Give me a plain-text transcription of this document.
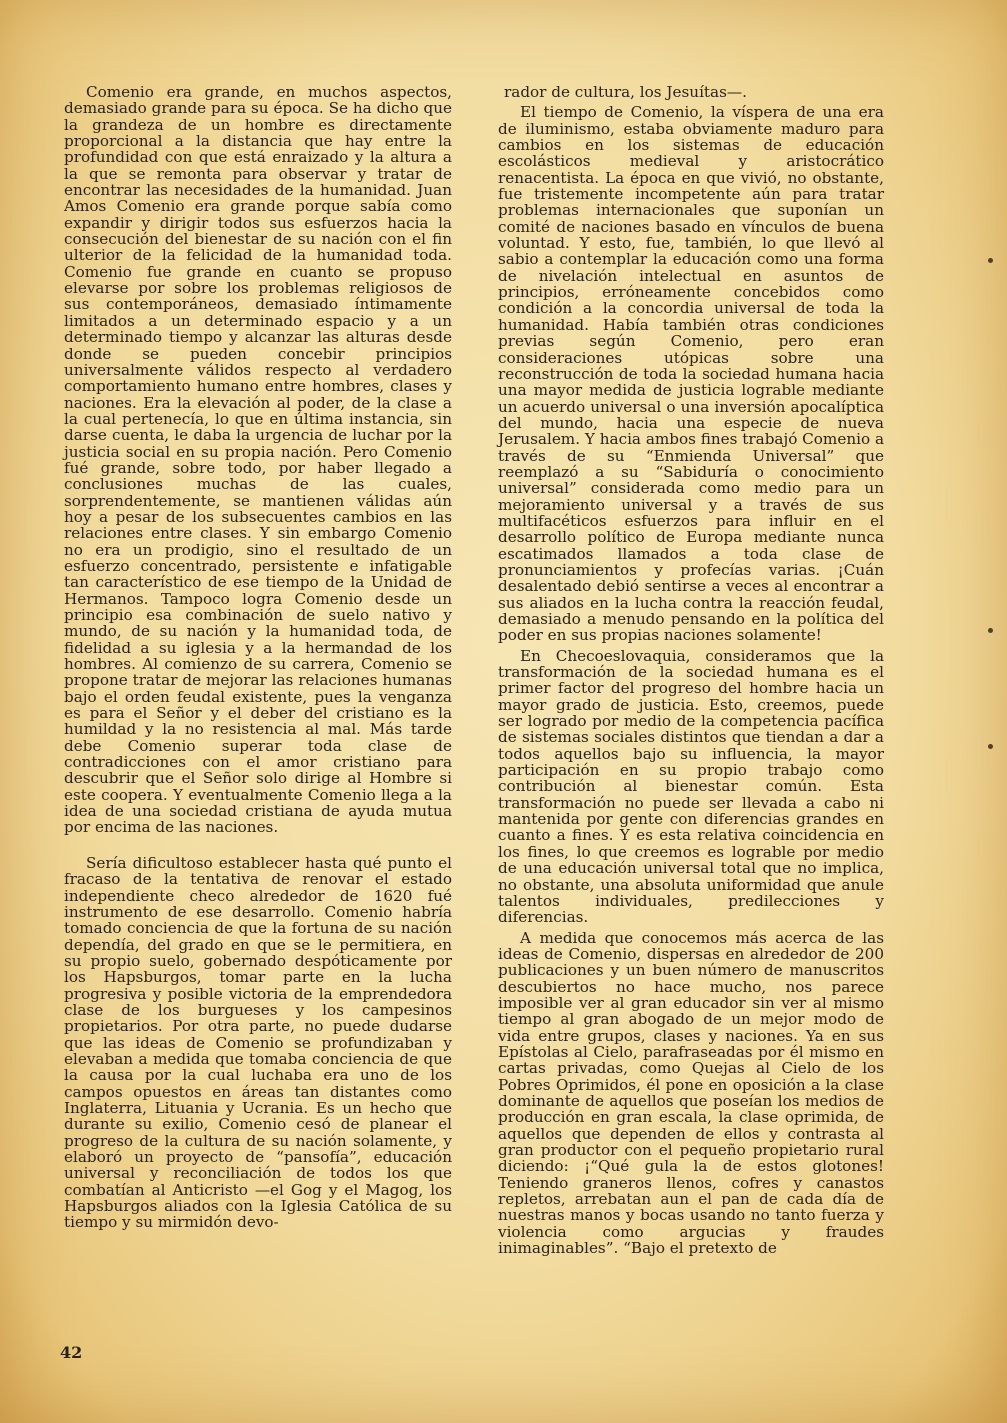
Comenio era grande, en muchos aspectos, demasiado grande para su época. Se ha dicho que la grandeza de un hombre es directamente proporcional a la distancia que hay entre la profundidad con que está enraizado y la altura a la que se remonta para observar y tratar de encontrar las necesidades de la humanidad. Juan Amos Comenio era grande porque sabía como expandir y dirigir todos sus esfuerzos hacia la consecución del bienestar de su nación con el fin ulterior de la felicidad de la humanidad toda. Comenio fue grande en cuanto se propuso elevarse por sobre los problemas religiosos de sus contemporáneos, demasiado íntimamente limitados a un determinado espacio y a un determinado tiempo y alcanzar las alturas desde donde se pueden concebir principios universalmente válidos respecto al verdadero comportamiento humano entre hombres, clases y naciones. Era la elevación al poder, de la clase a la cual pertenecía, lo que en última instancia, sin darse cuenta, le daba la urgencia de luchar por la justicia social en su propia nación. Pero Comenio fué grande, sobre todo, por haber llegado a conclusiones muchas de las cuales, sorprendentemente, se mantienen válidas aún hoy a pesar de los subsecuentes cambios en las relaciones entre clases. Y sin embargo Comenio no era un prodigio, sino el resultado de un esfuerzo concentrado, persistente e infatigable tan característico de ese tiempo de la Unidad de Hermanos. Tampoco logra Comenio desde un principio esa combinación de suelo nativo y mundo, de su nación y la humanidad toda, de fidelidad a su iglesia y a la hermandad de los hombres. Al comienzo de su carrera, Comenio se propone tratar de mejorar las relaciones humanas bajo el orden feudal existente, pues la venganza es para el Señor y el deber del cristiano es la humildad y la no resistencia al mal. Más tarde debe Comenio superar toda clase de contradicciones con el amor cristiano para descubrir que el Señor solo dirige al Hombre si este coopera. Y eventualmente Comenio llega a la idea de una sociedad cristiana de ayuda mutua por encima de las naciones.

Sería dificultoso establecer hasta qué punto el fracaso de la tentativa de renovar el estado independiente checo alrededor de 1620 fué instrumento de ese desarrollo. Comenio habría tomado conciencia de que la fortuna de su nación dependía, del grado en que se le permitiera, en su propio suelo, gobernado despóticamente por los Hapsburgos, tomar parte en la lucha progresiva y posible victoria de la emprendedora clase de los burgueses y los campesinos propietarios. Por otra parte, no puede dudarse que las ideas de Comenio se profundizaban y elevaban a medida que tomaba conciencia de que la causa por la cual luchaba era uno de los campos opuestos en áreas tan distantes como Inglaterra, Lituania y Ucrania. Es un hecho que durante su exilio, Comenio cesó de planear el progreso de la cultura de su nación solamente, y elaboró un proyecto de “pansofía”, educación universal y reconciliación de todos los que combatían al Anticristo —el Gog y el Magog, los Hapsburgos aliados con la Iglesia Católica de su tiempo y su mirmidón devo-

rador de cultura, los Jesuítas—.

El tiempo de Comenio, la víspera de una era de iluminismo, estaba obviamente maduro para cambios en los sistemas de educación escolásticos medieval y aristocrático renacentista. La época en que vivió, no obstante, fue tristemente incompetente aún para tratar problemas internacionales que suponían un comité de naciones basado en vínculos de buena voluntad. Y esto, fue, también, lo que llevó al sabio a contemplar la educación como una forma de nivelación intelectual en asuntos de principios, erróneamente concebidos como condición a la concordia universal de toda la humanidad. Había también otras condiciones previas según Comenio, pero eran consideraciones utópicas sobre una reconstrucción de toda la sociedad humana hacia una mayor medida de justicia lograble mediante un acuerdo universal o una inversión apocalíptica del mundo, hacia una especie de nueva Jerusalem. Y hacia ambos fines trabajó Comenio a través de su “Enmienda Universal” que reemplazó a su “Sabiduría o conocimiento universal” considerada como medio para un mejoramiento universal y a través de sus multifacéticos esfuerzos para influir en el desarrollo político de Europa mediante nunca escatimados llamados a toda clase de pronunciamientos y profecías varias. ¡Cuán desalentado debió sentirse a veces al encontrar a sus aliados en la lucha contra la reacción feudal, demasiado a menudo pensando en la política del poder en sus propias naciones solamente!

En Checoeslovaquia, consideramos que la transformación de la sociedad humana es el primer factor del progreso del hombre hacia un mayor grado de justicia. Esto, creemos, puede ser logrado por medio de la competencia pacífica de sistemas sociales distintos que tiendan a dar a todos aquellos bajo su influencia, la mayor participación en su propio trabajo como contribución al bienestar común. Esta transformación no puede ser llevada a cabo ni mantenida por gente con diferencias grandes en cuanto a fines. Y es esta relativa coincidencia en los fines, lo que creemos es lograble por medio de una educación universal total que no implica, no obstante, una absoluta uniformidad que anule talentos individuales, predilecciones y diferencias.

A medida que conocemos más acerca de las ideas de Comenio, dispersas en alrededor de 200 publicaciones y un buen número de manuscritos descubiertos no hace mucho, nos parece imposible ver al gran educador sin ver al mismo tiempo al gran abogado de un mejor modo de vida entre grupos, clases y naciones. Ya en sus Epístolas al Cielo, parafraseadas por él mismo en cartas privadas, como Quejas al Cielo de los Pobres Oprimidos, él pone en oposición a la clase dominante de aquellos que poseían los medios de producción en gran escala, la clase oprimida, de aquellos que dependen de ellos y contrasta al gran productor con el pequeño propietario rural diciendo: ¡“Qué gula la de estos glotones! Teniendo graneros llenos, cofres y canastos repletos, arrebatan aun el pan de cada día de nuestras manos y bocas usando no tanto fuerza y violencia como argucias y fraudes inimaginables”. “Bajo el pretexto de

42
